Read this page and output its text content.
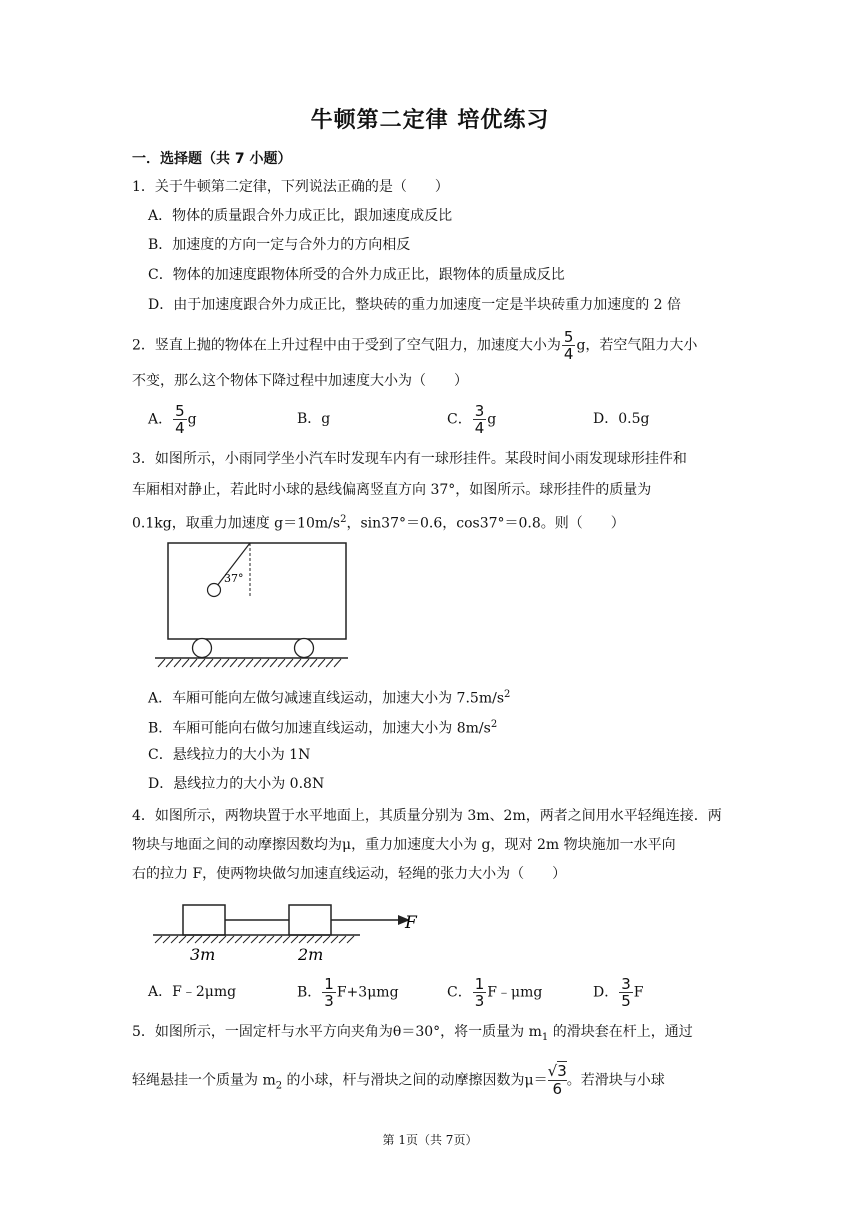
牛顿第二定律 培优练习
一．选择题（共 7 小题）
1．关于牛顿第二定律，下列说法正确的是（　　）
A．物体的质量跟合外力成正比，跟加速度成反比
B．加速度的方向一定与合外力的方向相反
C．物体的加速度跟物体所受的合外力成正比，跟物体的质量成反比
D．由于加速度跟合外力成正比，整块砖的重力加速度一定是半块砖重力加速度的 2 倍
2．竖直上抛的物体在上升过程中由于受到了空气阻力，加速度大小为 $\frac{5}{4}$ g，若空气阻力大小
不变，那么这个物体下降过程中加速度大小为（　　）
A． $\frac{5}{4}$ g	B．g	C． $\frac{3}{4}$ g	D．0.5g
3．如图所示，小雨同学坐小汽车时发现车内有一球形挂件。某段时间小雨发现球形挂件和
车厢相对静止，若此时小球的悬线偏离竖直方向 37°，如图所示。球形挂件的质量为
0.1kg，取重力加速度 $g=10m/s^2$，sin37°＝0.6，cos37°＝0.8。则（　　）
37°
A．车厢可能向左做匀减速直线运动，加速大小为 $7.5m/s^2$
B．车厢可能向右做匀加速直线运动，加速大小为 $8m/s^2$
C．悬线拉力的大小为 1N
D．悬线拉力的大小为 0.8N
4．如图所示，两物块置于水平地面上，其质量分别为 3m、2m，两者之间用水平轻绳连接．两
物块与地面之间的动摩擦因数均为μ，重力加速度大小为 g，现对 2m 物块施加一水平向
右的拉力 F，使两物块做匀加速直线运动，轻绳的张力大小为（　　）
F
3m	2m
A．F﹣2μmg	B． $\frac{1}{3} F+3\mu mg$	C． $\frac{1}{3}$ F﹣μmg	D． $\frac{3}{5}$ F
5．如图所示，一固定杆与水平方向夹角为θ＝30°，将一质量为 $m_1$ 的滑块套在杆上，通过
轻绳悬挂一个质量为 $m_2$ 的小球，杆与滑块之间的动摩擦因数为$\mu= \frac{√3}{6}$。若滑块与小球
第 1页（共 7页）
